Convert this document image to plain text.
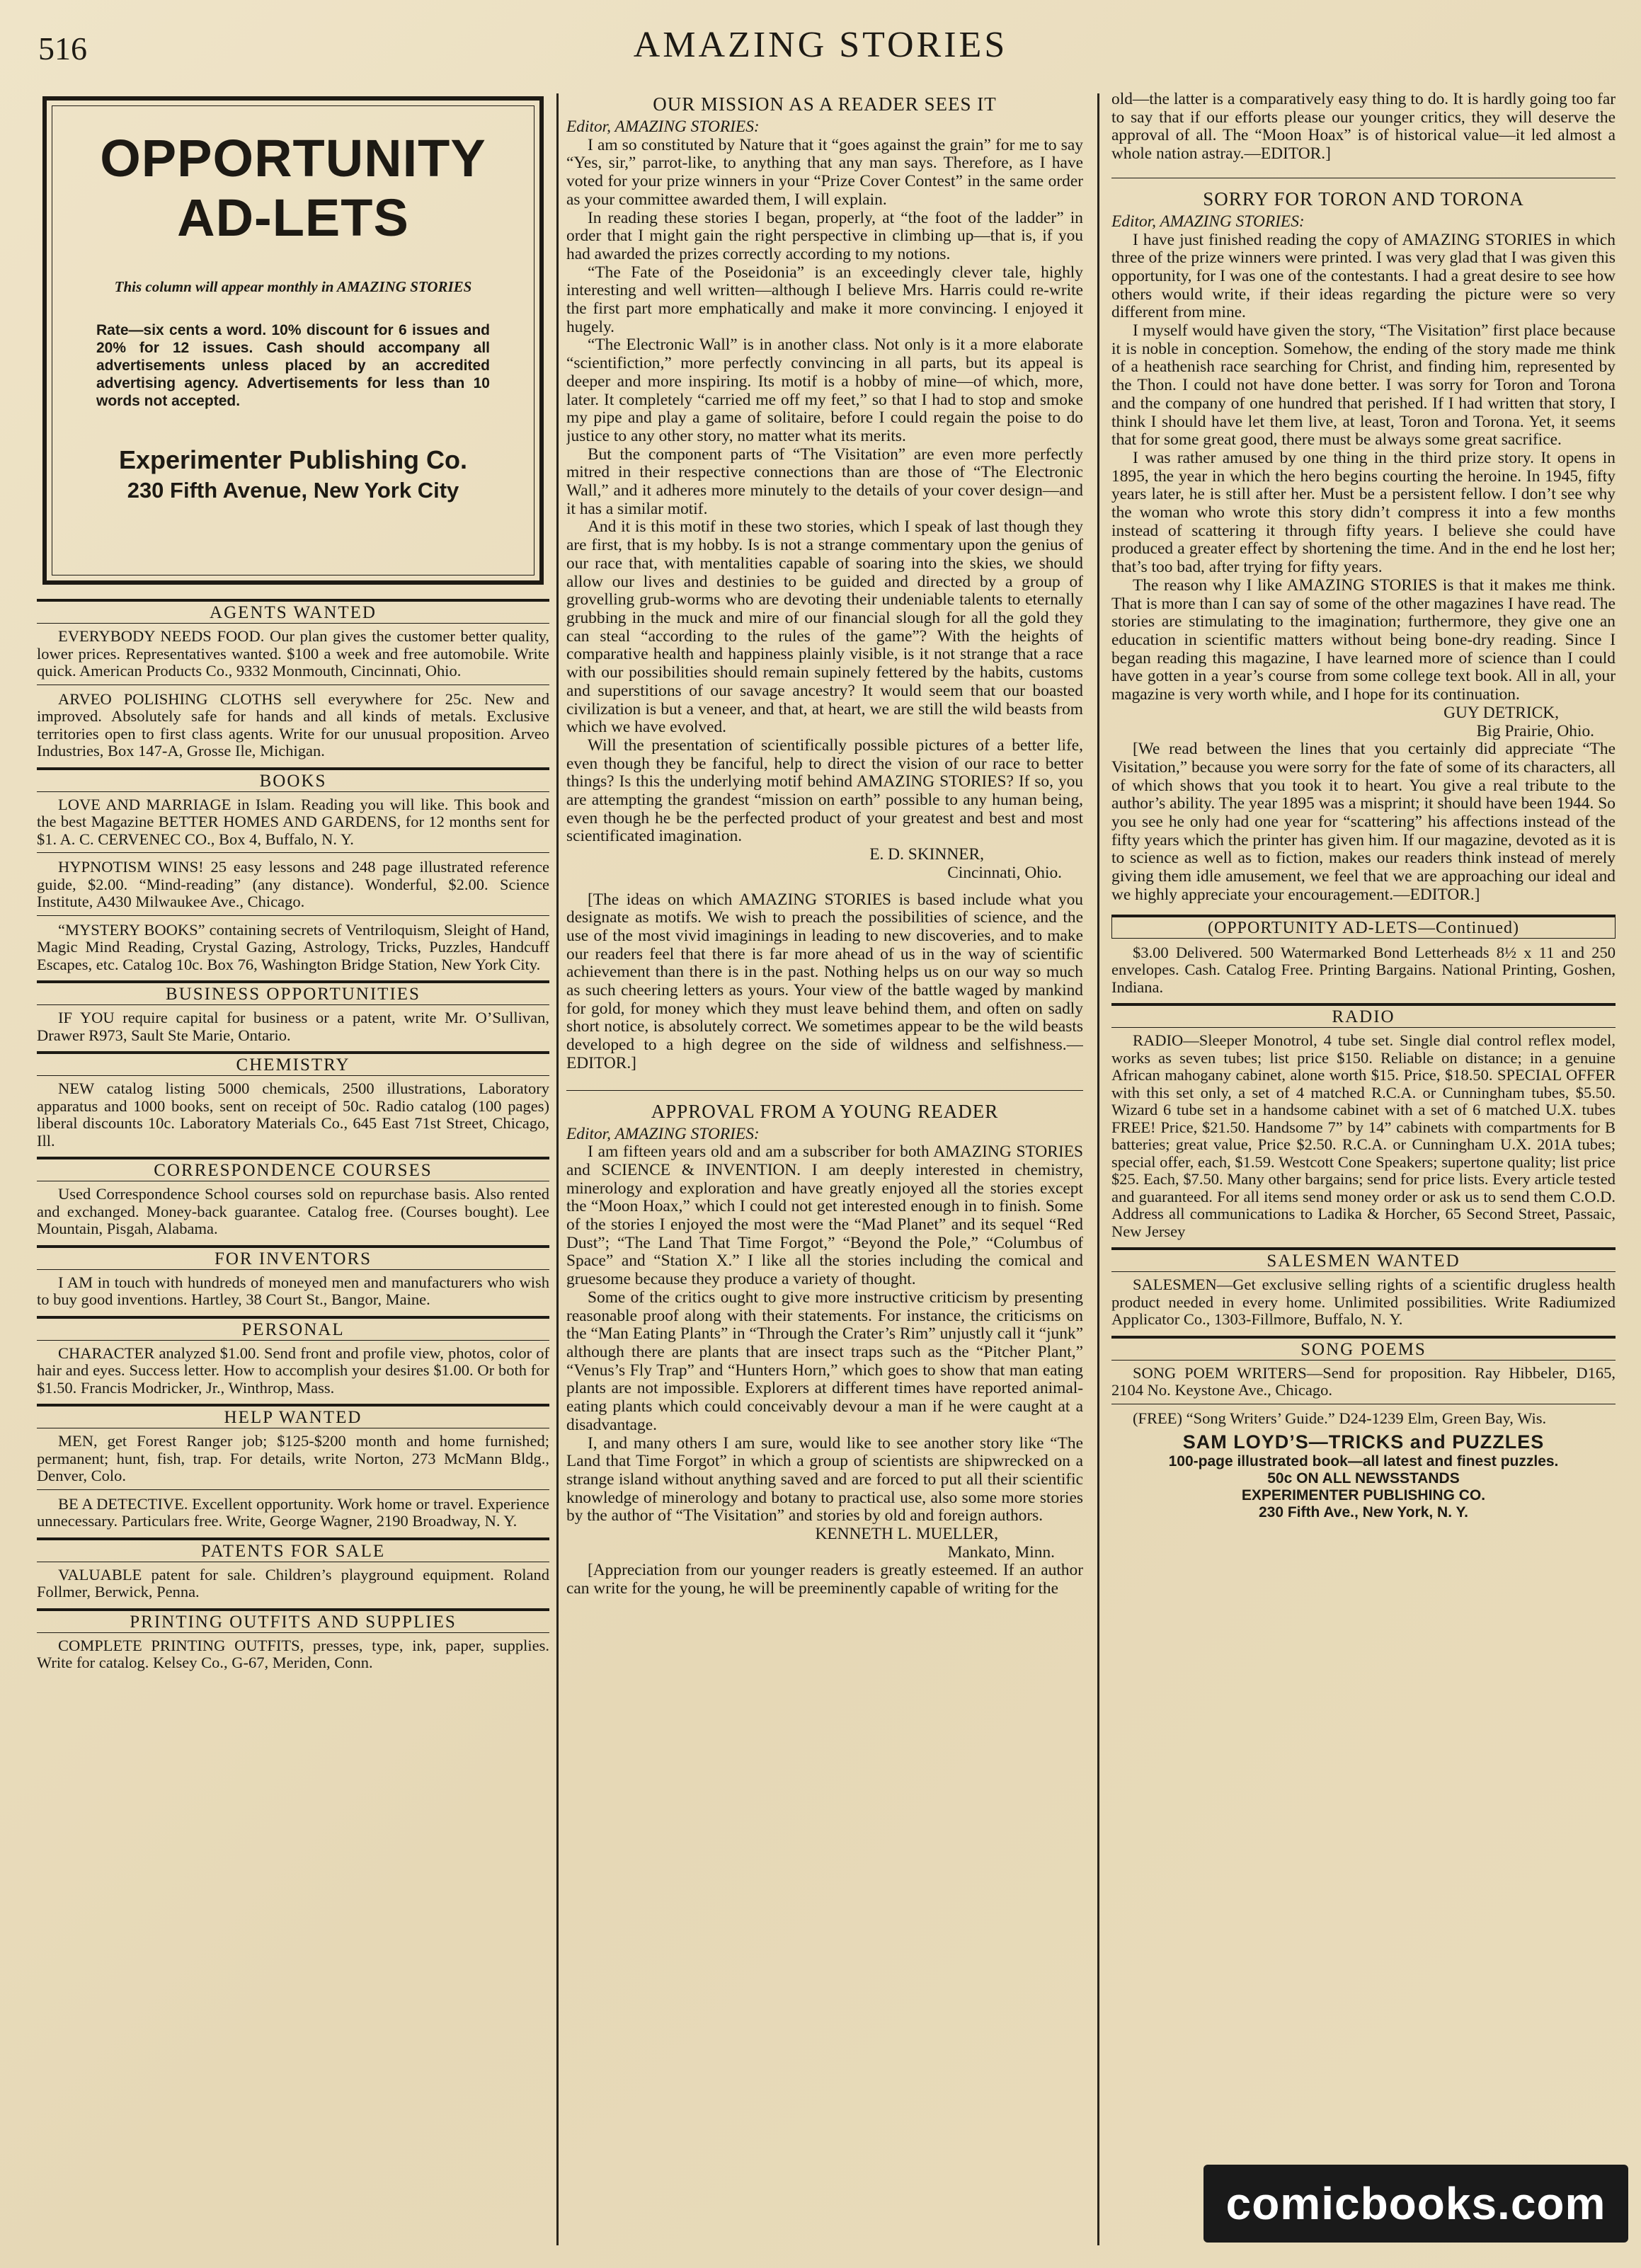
516	AMAZING STORIES
OPPORTUNITY
AD-LETS
This column will appear monthly in AMAZING STORIES
Rate—six cents a word. 10% discount for 6 issues and 20% for 12 issues. Cash should accompany all advertisements unless placed by an accredited advertising agency. Advertisements for less than 10 words not accepted.
Experimenter Publishing Co.
230 Fifth Avenue, New York City
AGENTS WANTED

EVERYBODY NEEDS FOOD. Our plan gives the customer better quality, lower prices. Representatives wanted. $100 a week and free automobile. Write quick. American Products Co., 9332 Monmouth, Cincinnati, Ohio.

ARVEO POLISHING CLOTHS sell everywhere for 25c. New and improved. Absolutely safe for hands and all kinds of metals. Exclusive territories open to first class agents. Write for our unusual proposition. Arveo Industries, Box 147-A, Grosse Ile, Michigan.

BOOKS

LOVE AND MARRIAGE in Islam. Reading you will like. This book and the best Magazine BETTER HOMES AND GARDENS, for 12 months sent for $1. A. C. CERVENEC CO., Box 4, Buffalo, N. Y.

HYPNOTISM WINS! 25 easy lessons and 248 page illustrated reference guide, $2.00. “Mind-reading” (any distance). Wonderful, $2.00. Science Institute, A430 Milwaukee Ave., Chicago.

“MYSTERY BOOKS” containing secrets of Ventriloquism, Sleight of Hand, Magic Mind Reading, Crystal Gazing, Astrology, Tricks, Puzzles, Handcuff Escapes, etc. Catalog 10c. Box 76, Washington Bridge Station, New York City.

BUSINESS OPPORTUNITIES

IF YOU require capital for business or a patent, write Mr. O’Sullivan, Drawer R973, Sault Ste Marie, Ontario.

CHEMISTRY

NEW catalog listing 5000 chemicals, 2500 illustrations, Laboratory apparatus and 1000 books, sent on receipt of 50c. Radio catalog (100 pages) liberal discounts 10c. Laboratory Materials Co., 645 East 71st Street, Chicago, Ill.

CORRESPONDENCE COURSES

Used Correspondence School courses sold on repurchase basis. Also rented and exchanged. Money-back guarantee. Catalog free. (Courses bought). Lee Mountain, Pisgah, Alabama.

FOR INVENTORS

I AM in touch with hundreds of moneyed men and manufacturers who wish to buy good inventions. Hartley, 38 Court St., Bangor, Maine.

PERSONAL

CHARACTER analyzed $1.00. Send front and profile view, photos, color of hair and eyes. Success letter. How to accomplish your desires $1.00. Or both for $1.50. Francis Modricker, Jr., Winthrop, Mass.

HELP WANTED

MEN, get Forest Ranger job; $125-$200 month and home furnished; permanent; hunt, fish, trap. For details, write Norton, 273 McMann Bldg., Denver, Colo.

BE A DETECTIVE. Excellent opportunity. Work home or travel. Experience unnecessary. Particulars free. Write, George Wagner, 2190 Broadway, N. Y.

PATENTS FOR SALE

VALUABLE patent for sale. Children’s playground equipment. Roland Follmer, Berwick, Penna.

PRINTING OUTFITS AND SUPPLIES

COMPLETE PRINTING OUTFITS, presses, type, ink, paper, supplies. Write for catalog. Kelsey Co., G-67, Meriden, Conn.

OUR MISSION AS A READER SEES IT

Editor, AMAZING STORIES:

I am so constituted by Nature that it “goes against the grain” for me to say “Yes, sir,” parrot-like, to anything that any man says. Therefore, as I have voted for your prize winners in your “Prize Cover Contest” in the same order as your committee awarded them, I will explain.

In reading these stories I began, properly, at “the foot of the ladder” in order that I might gain the right perspective in climbing up—that is, if you had awarded the prizes correctly according to my notions.

“The Fate of the Poseidonia” is an exceedingly clever tale, highly interesting and well written—although I believe Mrs. Harris could re-write the first part more emphatically and make it more convincing. I enjoyed it hugely.

“The Electronic Wall” is in another class. Not only is it a more elaborate “scientifiction,” more perfectly convincing in all parts, but its appeal is deeper and more inspiring. Its motif is a hobby of mine—of which, more, later. It completely “carried me off my feet,” so that I had to stop and smoke my pipe and play a game of solitaire, before I could regain the poise to do justice to any other story, no matter what its merits.

But the component parts of “The Visitation” are even more perfectly mitred in their respective connections than are those of “The Electronic Wall,” and it adheres more minutely to the details of your cover design—and it has a similar motif.

And it is this motif in these two stories, which I speak of last though they are first, that is my hobby. Is is not a strange commentary upon the genius of our race that, with mentalities capable of soaring into the skies, we should allow our lives and destinies to be guided and directed by a group of grovelling grub-worms who are devoting their undeniable talents to eternally grubbing in the muck and mire of our financial slough for all the gold they can steal “according to the rules of the game”? With the heights of comparative health and happiness plainly visible, is it not strange that a race with our possibilities should remain supinely fettered by the habits, customs and superstitions of our savage ancestry? It would seem that our boasted civilization is but a veneer, and that, at heart, we are still the wild beasts from which we have evolved.

Will the presentation of scientifically possible pictures of a better life, even though they be fanciful, help to direct the vision of our race to better things? Is this the underlying motif behind AMAZING STORIES? If so, you are attempting the grandest “mission on earth” possible to any human being, even though he be the perfected product of your greatest and best and most scientificated imagination.

E. D. SKINNER,

Cincinnati, Ohio.

[The ideas on which AMAZING STORIES is based include what you designate as motifs. We wish to preach the possibilities of science, and the use of the most vivid imaginings in leading to new discoveries, and to make our readers feel that there is far more ahead of us in the way of scientific achievement than there is in the past. Nothing helps us on our way so much as such cheering letters as yours. Your view of the battle waged by mankind for gold, for money which they must leave behind them, and often on sadly short notice, is absolutely correct. We sometimes appear to be the wild beasts developed to a high degree on the side of wildness and selfishness.—EDITOR.]

APPROVAL FROM A YOUNG READER

Editor, AMAZING STORIES:

I am fifteen years old and am a subscriber for both AMAZING STORIES and SCIENCE & INVENTION. I am deeply interested in chemistry, minerology and exploration and have greatly enjoyed all the stories except the “Moon Hoax,” which I could not get interested enough in to finish. Some of the stories I enjoyed the most were the “Mad Planet” and its sequel “Red Dust”; “The Land That Time Forgot,” “Beyond the Pole,” “Columbus of Space” and “Station X.” I like all the stories including the comical and gruesome because they produce a variety of thought.

Some of the critics ought to give more instructive criticism by presenting reasonable proof along with their statements. For instance, the criticisms on the “Man Eating Plants” in “Through the Crater’s Rim” unjustly call it “junk” although there are plants that are insect traps such as the “Pitcher Plant,” “Venus’s Fly Trap” and “Hunters Horn,” which goes to show that man eating plants are not impossible. Explorers at different times have reported animal-eating plants which could conceivably devour a man if he were caught at a disadvantage.

I, and many others I am sure, would like to see another story like “The Land that Time Forgot” in which a group of scientists are shipwrecked on a strange island without anything saved and are forced to put all their scientific knowledge of minerology and botany to practical use, also some more stories by the author of “The Visitation” and stories by old and foreign authors.

KENNETH L. MUELLER,

Mankato, Minn.

[Appreciation from our younger readers is greatly esteemed. If an author can write for the young, he will be preeminently capable of writing for the

old—the latter is a comparatively easy thing to do. It is hardly going too far to say that if our efforts please our younger critics, they will deserve the approval of all. The “Moon Hoax” is of historical value—it led almost a whole nation astray.—EDITOR.]

SORRY FOR TORON AND TORONA

Editor, AMAZING STORIES:

I have just finished reading the copy of AMAZING STORIES in which three of the prize winners were printed. I was very glad that I was given this opportunity, for I was one of the contestants. I had a great desire to see how others would write, if their ideas regarding the picture were so very different from mine.

I myself would have given the story, “The Visitation” first place because it is noble in conception. Somehow, the ending of the story made me think of a heathenish race searching for Christ, and finding him, represented by the Thon. I could not have done better. I was sorry for Toron and Torona and the company of one hundred that perished. If I had written that story, I think I should have let them live, at least, Toron and Torona. Yet, it seems that for some great good, there must be always some great sacrifice.

I was rather amused by one thing in the third prize story. It opens in 1895, the year in which the hero begins courting the heroine. In 1945, fifty years later, he is still after her. Must be a persistent fellow. I don’t see why the woman who wrote this story didn’t compress it into a few months instead of scattering it through fifty years. I believe she could have produced a greater effect by shortening the time. And in the end he lost her; that’s too bad, after trying for fifty years.

The reason why I like AMAZING STORIES is that it makes me think. That is more than I can say of some of the other magazines I have read. The stories are stimulating to the imagination; furthermore, they give one an education in scientific matters without being bone-dry reading. Since I began reading this magazine, I have learned more of science than I could have gotten in a year’s course from some college text book. All in all, your magazine is very worth while, and I hope for its continuation.

GUY DETRICK,

Big Prairie, Ohio.

[We read between the lines that you certainly did appreciate “The Visitation,” because you were sorry for the fate of some of its characters, all of which shows that you took it to heart. You give a real tribute to the author’s ability. The year 1895 was a misprint; it should have been 1944. So you see he only had one year for “scattering” his affections instead of the fifty years which the printer has given him. If our magazine, devoted as it is to science as well as to fiction, makes our readers think instead of merely giving them idle amusement, we feel that we are approaching our ideal and we highly appreciate your encouragement.—EDITOR.]

(OPPORTUNITY AD-LETS—Continued)

$3.00 Delivered. 500 Watermarked Bond Letterheads 8½ x 11 and 250 envelopes. Cash. Catalog Free. Printing Bargains. National Printing, Goshen, Indiana.

RADIO

RADIO—Sleeper Monotrol, 4 tube set. Single dial control reflex model, works as seven tubes; list price $150. Reliable on distance; in a genuine African mahogany cabinet, alone worth $15. Price, $18.50. SPECIAL OFFER with this set only, a set of 4 matched R.C.A. or Cunningham tubes, $5.50. Wizard 6 tube set in a handsome cabinet with a set of 6 matched U.X. tubes FREE! Price, $21.50. Handsome 7” by 14” cabinets with compartments for B batteries; great value, Price $2.50. R.C.A. or Cunningham U.X. 201A tubes; special offer, each, $1.59. Westcott Cone Speakers; supertone quality; list price $25. Each, $7.50. Many other bargains; send for price lists. Every article tested and guaranteed. For all items send money order or ask us to send them C.O.D. Address all communications to Ladika & Horcher, 65 Second Street, Passaic, New Jersey

SALESMEN WANTED

SALESMEN—Get exclusive selling rights of a scientific drugless health product needed in every home. Unlimited possibilities. Write Radiumized Applicator Co., 1303-Fillmore, Buffalo, N. Y.

SONG POEMS

SONG POEM WRITERS—Send for proposition. Ray Hibbeler, D165, 2104 No. Keystone Ave., Chicago.

(FREE) “Song Writers’ Guide.” D24-1239 Elm, Green Bay, Wis.

SAM LOYD’S—TRICKS and PUZZLES
100-page illustrated book—all latest and finest puzzles.
50c ON ALL NEWSSTANDS
EXPERIMENTER PUBLISHING CO.
230 Fifth Ave., New York, N. Y.
comicbooks.com
